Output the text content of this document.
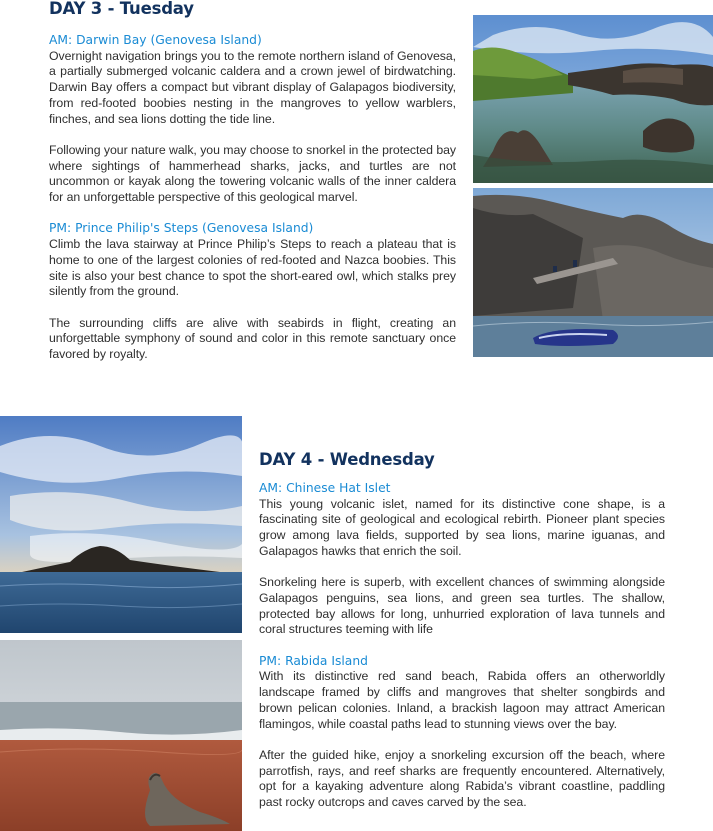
DAY 3 - Tuesday

AM: Darwin Bay (Genovesa Island)

Overnight navigation brings you to the remote northern island of Genovesa, a partially submerged volcanic caldera and a crown jewel of birdwatching. Darwin Bay offers a compact but vibrant display of Galapagos biodiversity, from red-footed boobies nesting in the mangroves to yellow warblers, finches, and sea lions dotting the tide line.

Following your nature walk, you may choose to snorkel in the protected bay where sightings of hammerhead sharks, jacks, and turtles are not uncommon or kayak along the towering volcanic walls of the inner caldera for an unforgettable perspective of this geological marvel.

PM: Prince Philip's Steps (Genovesa Island)

Climb the lava stairway at Prince Philip’s Steps to reach a plateau that is home to one of the largest colonies of red-footed and Nazca boobies. This site is also your best chance to spot the short-eared owl, which stalks prey silently from the ground.

The surrounding cliffs are alive with seabirds in flight, creating an unforgettable symphony of sound and color in this remote sanctuary once favored by royalty.

DAY 4 - Wednesday

AM: Chinese Hat Islet

This young volcanic islet, named for its distinctive cone shape, is a fascinating site of geological and ecological rebirth. Pioneer plant species grow among lava fields, supported by sea lions, marine iguanas, and Galapagos hawks that enrich the soil.

Snorkeling here is superb, with excellent chances of swimming alongside Galapagos penguins, sea lions, and green sea turtles. The shallow, protected bay allows for long, unhurried exploration of lava tunnels and coral structures teeming with life

PM: Rabida Island

With its distinctive red sand beach, Rabida offers an otherworldly landscape framed by cliffs and mangroves that shelter songbirds and brown pelican colonies. Inland, a brackish lagoon may attract American flamingos, while coastal paths lead to stunning views over the bay.

After the guided hike, enjoy a snorkeling excursion off the beach, where parrotfish, rays, and reef sharks are frequently encountered. Alternatively, opt for a kayaking adventure along Rabida’s vibrant coastline, paddling past rocky outcrops and caves carved by the sea.
